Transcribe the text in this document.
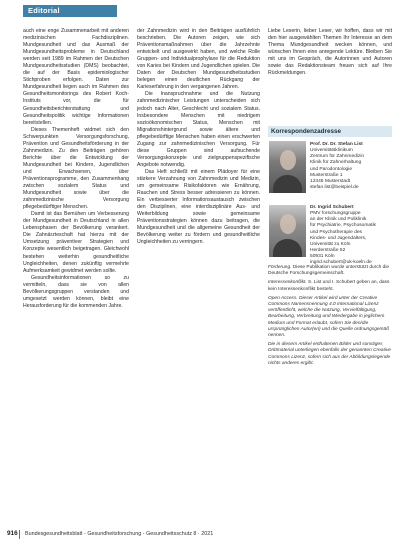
Editorial

auch eine enge Zusammenarbeit mit anderen medizinischen Fachdisziplinen. Mundgesundheit und das Ausmaß der Mundgesundheitsprobleme in Deutschland werden seit 1989 im Rahmen der Deutschen Mundgesundheitsstudien (DMS) beobachtet, die auf der Basis epidemiologischer Stichproben erfolgen. Daten zur Mundgesundheit liegen auch im Rahmen des Gesundheitsmonitorings des Robert Koch-Instituts vor, die für Gesundheitsberichterstattung und Gesundheitspolitik wichtige Informationen bereitstellen.

Dieses Themenheft widmet sich den Schwerpunkten Versorgungsforschung, Prävention und Gesundheitsförderung in der Zahnmedizin. Zu den Beiträgen gehören Berichte über die Entwicklung der Mundgesundheit bei Kindern, Jugendlichen und Erwachsenen, über Präventionsprogramme, den Zusammenhang zwischen sozialem Status und Mundgesundheit sowie über die zahnmedizinische Versorgung pflegebedürftiger Menschen.

Damit ist das Bemühen um Verbesserung der Mundgesundheit in Deutschland in allen Lebensphasen der Bevölkerung verankert. Die Zahnärzteschaft hat hierzu mit der Umsetzung präventiver Strategien und Konzepte wesentlich beigetragen. Gleichwohl bestehen weiterhin gesundheitliche Ungleichheiten, denen zukünftig vermehrte Aufmerksamkeit gewidmet werden sollte.

Gesundheitsinformationen so zu vermitteln, dass sie von allen Bevölkerungsgruppen verstanden und umgesetzt werden können, bleibt eine Herausforderung für die kommenden Jahre.

der Zahnmedizin wird in den Beiträgen ausführlich beschrieben. Die Autoren zeigen, wie sich Präventionsmaßnahmen über die Jahrzehnte entwickelt und ausgewirkt haben, und welche Rolle Gruppen- und Individualprophylaxe für die Reduktion von Karies bei Kindern und Jugendlichen spielen. Die Daten der Deutschen Mundgesundheitsstudien belegen einen deutlichen Rückgang der Karieserfahrung in den vergangenen Jahren.

Die Inanspruchnahme und die Nutzung zahnmedizinischer Leistungen unterscheiden sich jedoch nach Alter, Geschlecht und sozialem Status. Insbesondere Menschen mit niedrigem sozioökonomischen Status, Menschen mit Migrationshintergrund sowie ältere und pflegebedürftige Menschen haben einen erschwerten Zugang zur zahnmedizinischen Versorgung. Für diese Gruppen sind aufsuchende Versorgungskonzepte und zielgruppenspezifische Angebote notwendig.

Das Heft schließt mit einem Plädoyer für eine stärkere Verzahnung von Zahnmedizin und Medizin, um gemeinsame Risikofaktoren wie Ernährung, Rauchen und Stress besser adressieren zu können. Ein verbesserter Informationsaustausch zwischen den Disziplinen, eine interdisziplinäre Aus- und Weiterbildung sowie gemeinsame Präventionsstrategien können dazu beitragen, die Mundgesundheit und die allgemeine Gesundheit der Bevölkerung weiter zu fördern und gesundheitliche Ungleichheiten zu verringern.

Liebe Leserin, lieber Leser, wir hoffen, dass wir mit den hier ausgewählten Themen Ihr Interesse an dem Thema Mundgesundheit wecken können, und wünschen Ihnen eine anregende Lektüre. Bleiben Sie mit uns im Gespräch, die Autorinnen und Autoren sowie das Redaktionsteam freuen sich auf Ihre Rückmeldungen.

Korrespondenzadresse
Prof. Dr. Dr. Stefan List
Universitätsklinikum
Zentrum für Zahnmedizin
Klinik für Zahnerhaltung
und Parodontologie
Musterstraße 1
12345 Musterstadt
stefan.list@beispiel.de
Dr. Ingrid Schubert
PMV forschungsgruppe
an der Klinik und Poliklinik
für Psychiatrie, Psychosomatik
und Psychotherapie des
Kindes- und Jugendalters,
Universität zu Köln
Herderstraße 52
50931 Köln
ingrid.schubert@uk-koeln.de

Förderung. Diese Publikation wurde unterstützt durch die Deutsche Forschungsgemeinschaft.

Interessenkonflikt. S. List und I. Schubert geben an, dass kein Interessenkonflikt besteht.

Open Access. Dieser Artikel wird unter der Creative Commons Namensnennung 4.0 International Lizenz veröffentlicht, welche die Nutzung, Vervielfältigung, Bearbeitung, Verbreitung und Wiedergabe in jeglichem Medium und Format erlaubt, sofern Sie den/die ursprünglichen Autor(en) und die Quelle ordnungsgemäß nennen.

Die in diesem Artikel enthaltenen Bilder und sonstiges Drittmaterial unterliegen ebenfalls der genannten Creative Commons Lizenz, sofern sich aus der Abbildungslegende nichts anderes ergibt.

916 Bundesgesundheitsblatt - Gesundheitsforschung - Gesundheitsschutz 8 · 2021
